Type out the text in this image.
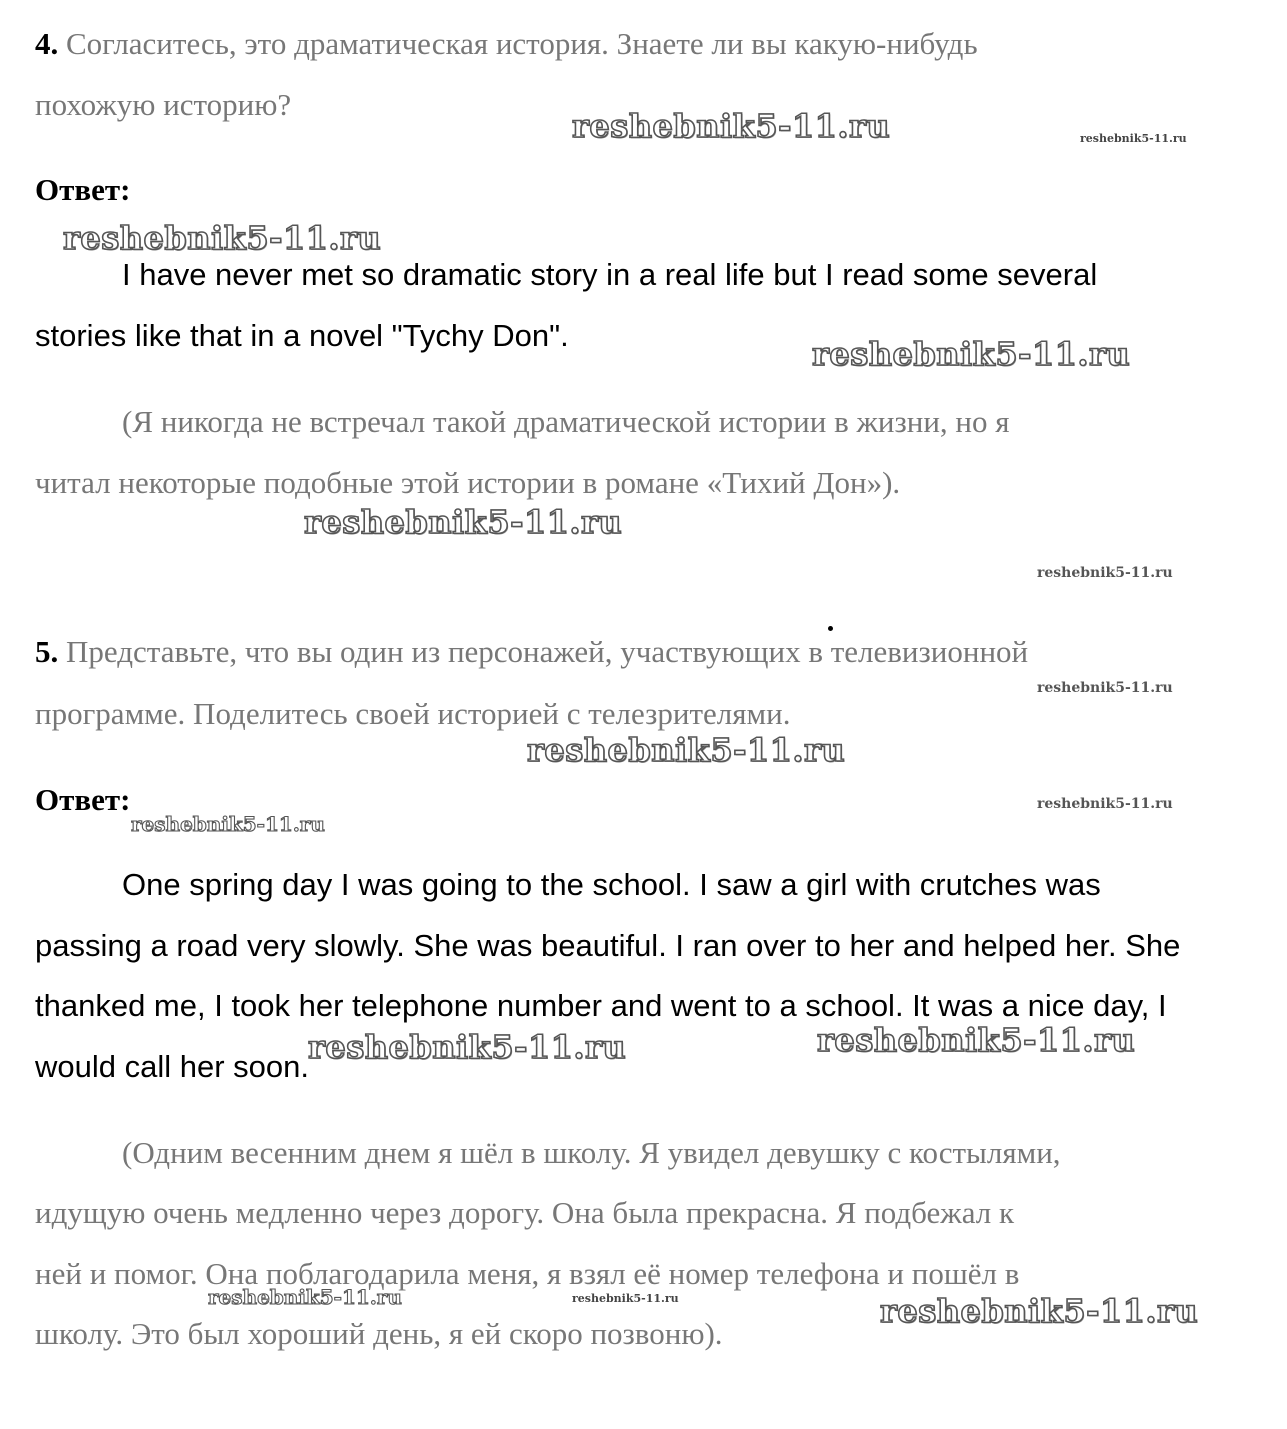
4. Согласитесь, это драматическая история. Знаете ли вы какую-нибудь
похожую историю?
Ответ:
I have never met so dramatic story in a real life but I read some several
stories like that in a novel "Tychy Don".
(Я никогда не встречал такой драматической истории в жизни, но я
читал некоторые подобные этой истории в романе «Тихий Дон»).
5. Представьте, что вы один из персонажей, участвующих в телевизионной
программе. Поделитесь своей историей с телезрителями.
Ответ:
One spring day I was going to the school. I saw a girl with crutches was
passing a road very slowly. She was beautiful. I ran over to her and helped her. She
thanked me, I took her telephone number and went to a school. It was a nice day, I
would call her soon.
(Одним весенним днем я шёл в школу. Я увидел девушку с костылями,
идущую очень медленно через дорогу. Она была прекрасна. Я подбежал к
ней и помог. Она поблагодарила меня, я взял её номер телефона и пошёл в
школу. Это был хороший день, я ей скоро позвоню).
reshebnik5-11.ru	reshebnik5-11.ru
reshebnik5-11.ru
reshebnik5-11.ru
reshebnik5-11.ru
reshebnik5-11.ru
reshebnik5-11.ru
reshebnik5-11.ru
reshebnik5-11.ru
reshebnik5-11.ru
reshebnik5-11.ru	reshebnik5-11.ru
reshebnik5-11.ru	reshebnik5-11.ru	reshebnik5-11.ru
